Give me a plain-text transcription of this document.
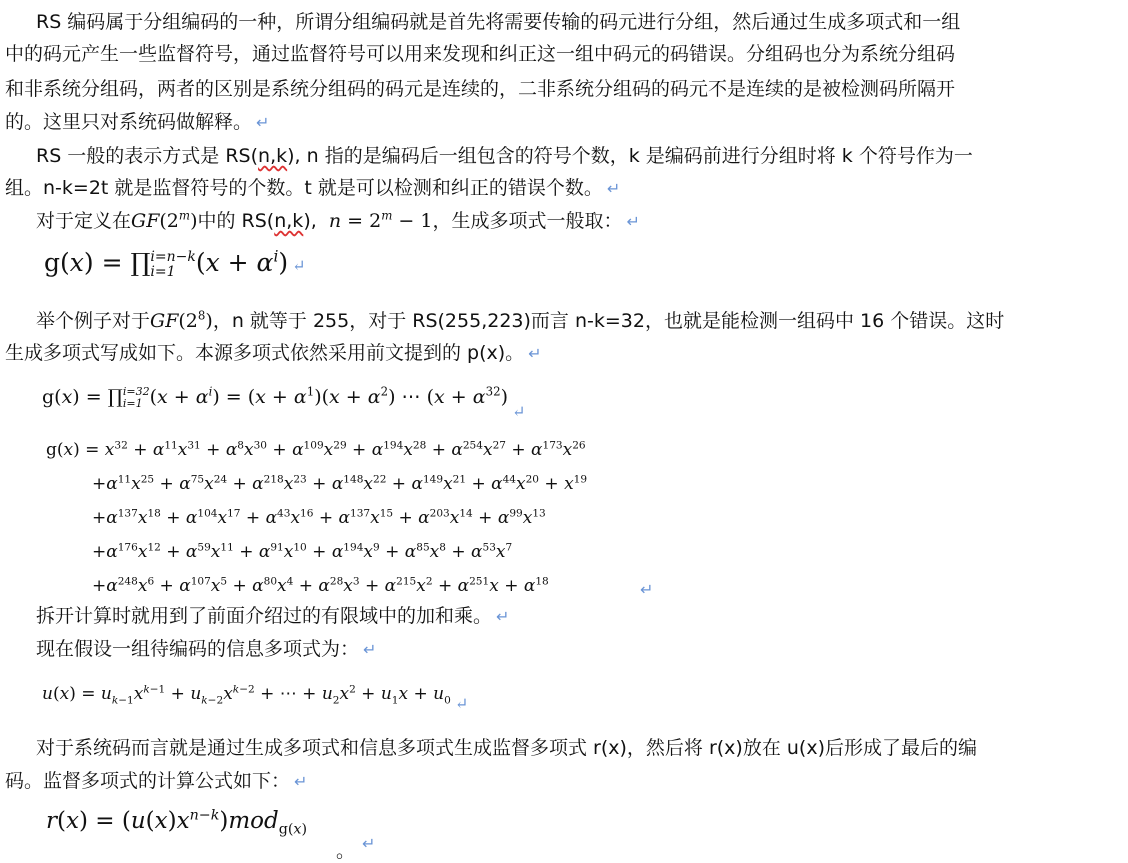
RS 编码属于分组编码的一种，所谓分组编码就是首先将需要传输的码元进行分组，然后通过生成多项式和一组
中的码元产生一些监督符号，通过监督符号可以用来发现和纠正这一组中码元的码错误。分组码也分为系统分组码
和非系统分组码，两者的区别是系统分组码的码元是连续的，二非系统分组码的码元不是连续的是被检测码所隔开
的。这里只对系统码做解释。 ↵
RS 一般的表示方式是 RS(n,k), n 指的是编码后一组包含的符号个数，k 是编码前进行分组时将 k 个符号作为一
组。n-k=2t 就是监督符号的个数。t 就是可以检测和纠正的错误个数。 ↵
对于定义在GF(2$^m$)中的 RS(n,k), $n = 2^m - 1$，生成多项式一般取： ↵
g(x) = ∏ i=n−k
i=1 $(x + \alpha^i)$ ↵
举个例子对于$GF(2^8)$，n 就等于 255，对于 RS(255,223)而言 n-k=32，也就是能检测一组码中 16 个错误。这时
生成多项式写成如下。本源多项式依然采用前文提到的 p(x)。 ↵
g(x) = ∏ i=32
i=1 $(x + \alpha^i) = (x + \alpha^1)(x + \alpha^2)$ ⋯ $(x + \alpha^{32})_↵$
$g(x) = x^{32} + \alpha^{11}x^{31} + \alpha^8x^{30} + \alpha^{109}x^{29} + \alpha^{194}x^{28} + \alpha^{254}x^{27} + \alpha^{173}x^{26}$
$+\alpha^{11}x^{25} + \alpha^{75}x^{24} + \alpha^{218}x^{23} + \alpha^{148}x^{22} + \alpha^{149}x^{21} + \alpha^{44}x^{20} + x^{19}$
$+\alpha^{137}x^{18} + \alpha^{104}x^{17} + \alpha^{43}x^{16} + \alpha^{137}x^{15} + \alpha^{203}x^{14} + \alpha^{99}x^{13}$
$+\alpha^{176}x^{12} + \alpha^{59}x^{11} + \alpha^{91}x^{10} + \alpha^{194}x^9 + \alpha^{85}x^8 + \alpha^{53}x^7$
$+\alpha^{248}x^6 + \alpha^{107}x^5 + \alpha^{80}x^4 + \alpha^{28}x^3 + \alpha^{215}x^2 + \alpha^{251}x + \alpha^{18}$	↵
拆开计算时就用到了前面介绍过的有限域中的加和乘。 ↵
现在假设一组待编码的信息多项式为： ↵
$u(x) = u_{k-1}x^{k-1} + u_{k-2}x^{k-2}$ + ⋯ + $u_2x^2 + u_1x + u_0$ ↵
对于系统码而言就是通过生成多项式和信息多项式生成监督多项式 r(x)，然后将 r(x)放在 u(x)后形成了最后的编
码。监督多项式的计算公式如下： ↵
$r(x) = (u(x)x^{n-k})mod_{g(x)}$
。 ↵
